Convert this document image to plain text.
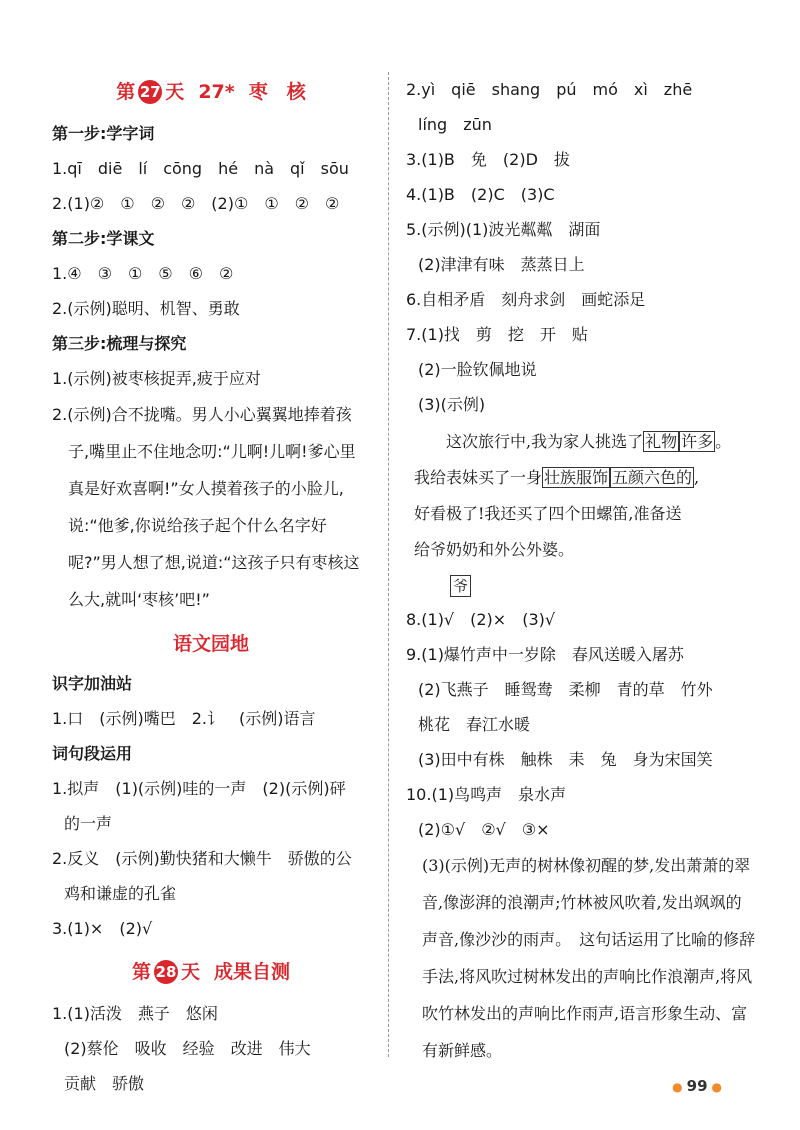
第 27 天 27* 枣　核
第一步:学字词
1.qī　diē　lí　cōng　hé　nà　qǐ　sōu
2.(1)②　①　②　②　(2)①　①　②　②
第二步:学课文
1.④　③　①　⑤　⑥　②
2.(示例)聪明、机智、勇敢
第三步:梳理与探究
1.(示例)被枣核捉弄,疲于应对
2.(示例)合不拢嘴。男人小心翼翼地捧着孩
子,嘴里止不住地念叨:“儿啊!儿啊!爹心里真是好欢喜啊!”女人摸着孩子的小脸儿,说:“他爹,你说给孩子起个什么名字好呢?”男人想了想,说道:“这孩子只有枣核这么大,就叫‘枣核’吧!”
语文园地
识字加油站
1.口　(示例)嘴巴　2.讠　(示例)语言
词句段运用
1.拟声　(1)(示例)哇的一声　(2)(示例)砰
的一声
2.反义　(示例)勤快猪和大懒牛　骄傲的公
鸡和谦虚的孔雀
3.(1)×　(2)√
第 28 天 成果自测
1.(1)活泼　燕子　悠闲
(2)蔡伦　吸收　经验　改进　伟大
贡献　骄傲
2.yì　qiē　shang　pú　mó　xì　zhē
líng　zūn
3.(1)B　免　(2)D　拔
4.(1)B　(2)C　(3)C
5.(示例)(1)波光粼粼　湖面
(2)津津有味　蒸蒸日上
6.自相矛盾　刻舟求剑　画蛇添足
7.(1)找　剪　挖　开　贴
(2)一脸钦佩地说
(3)(示例)
这次旅行中,我为家人挑选了 礼物 许多 。
我给表妹买了一身 壮族服饰 五颜六色的 ,
好看极了!我还买了四个田螺笛,准备送
给爷奶奶和外公外婆。
爷
8.(1)√　(2)×　(3)√
9.(1)爆竹声中一岁除　春风送暖入屠苏
(2)飞燕子　睡鸳鸯　柔柳　青的草　竹外
桃花　春江水暖
(3)田中有株　触株　耒　兔　身为宋国笑
10.(1)鸟鸣声　泉水声
(2)①√　②√　③×
(3)(示例)无声的树林像初醒的梦,发出萧萧的翠音,像澎湃的浪潮声;竹林被风吹着,发出飒飒的声音,像沙沙的雨声。　这句话运用了比喻的修辞手法,将风吹过树林发出的声响比作浪潮声,将风吹竹林发出的声响比作雨声,语言形象生动、富有新鲜感。
● 99 ●
